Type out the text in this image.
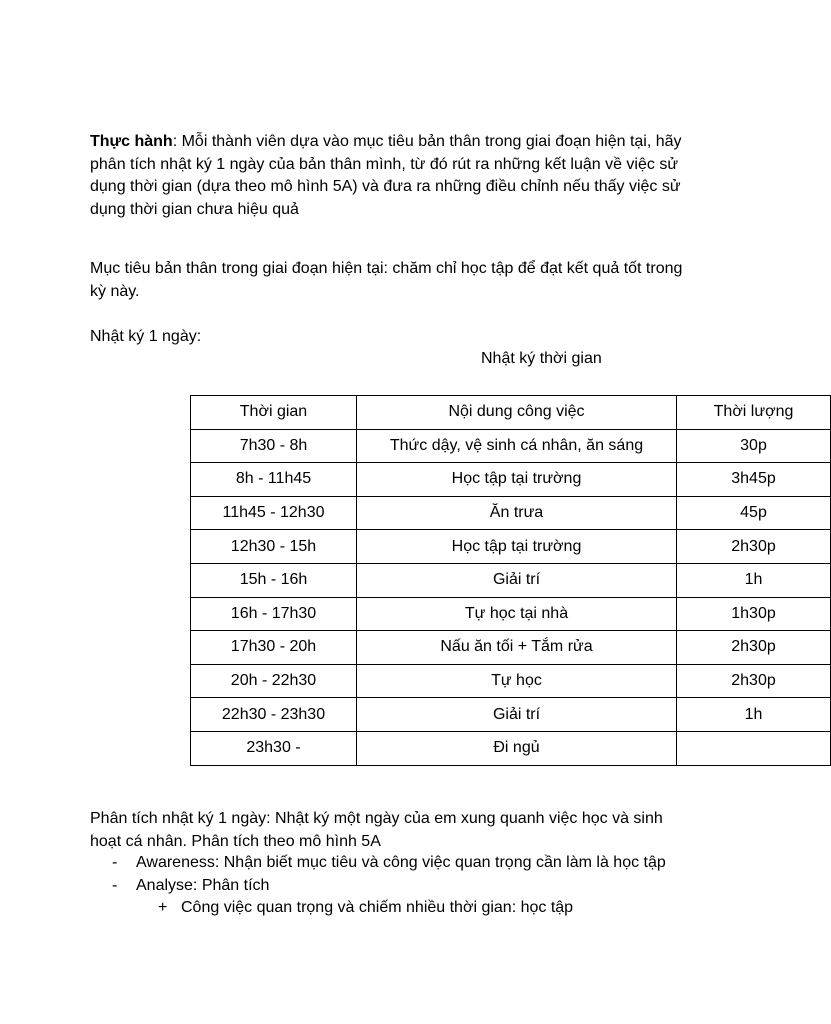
Thực hành: Mỗi thành viên dựa vào mục tiêu bản thân trong giai đoạn hiện tại, hãy phân tích nhật ký 1 ngày của bản thân mình, từ đó rút ra những kết luận về việc sử dụng thời gian (dựa theo mô hình 5A) và đưa ra những điều chỉnh nếu thấy việc sử dụng thời gian chưa hiệu quả

Mục tiêu bản thân trong giai đoạn hiện tại: chăm chỉ học tập để đạt kết quả tốt trong kỳ này.

Nhật ký 1 ngày:

Nhật ký thời gian
Thời gian	Nội dung công việc	Thời lượng
7h30 - 8h	Thức dậy, vệ sinh cá nhân, ăn sáng	30p
8h - 11h45	Học tập tại trường	3h45p
11h45 - 12h30	Ăn trưa	45p
12h30 - 15h	Học tập tại trường	2h30p
15h - 16h	Giải trí	1h
16h - 17h30	Tự học tại nhà	1h30p
17h30 - 20h	Nấu ăn tối + Tắm rửa	2h30p
20h - 22h30	Tự học	2h30p
22h30 - 23h30	Giải trí	1h
23h30 -	Đi ngủ	

Phân tích nhật ký 1 ngày: Nhật ký một ngày của em xung quanh việc học và sinh hoạt cá nhân. Phân tích theo mô hình 5A

- Awareness: Nhận biết mục tiêu và công việc quan trọng cần làm là học tập
- Analyse: Phân tích
+ Công việc quan trọng và chiếm nhiều thời gian: học tập
